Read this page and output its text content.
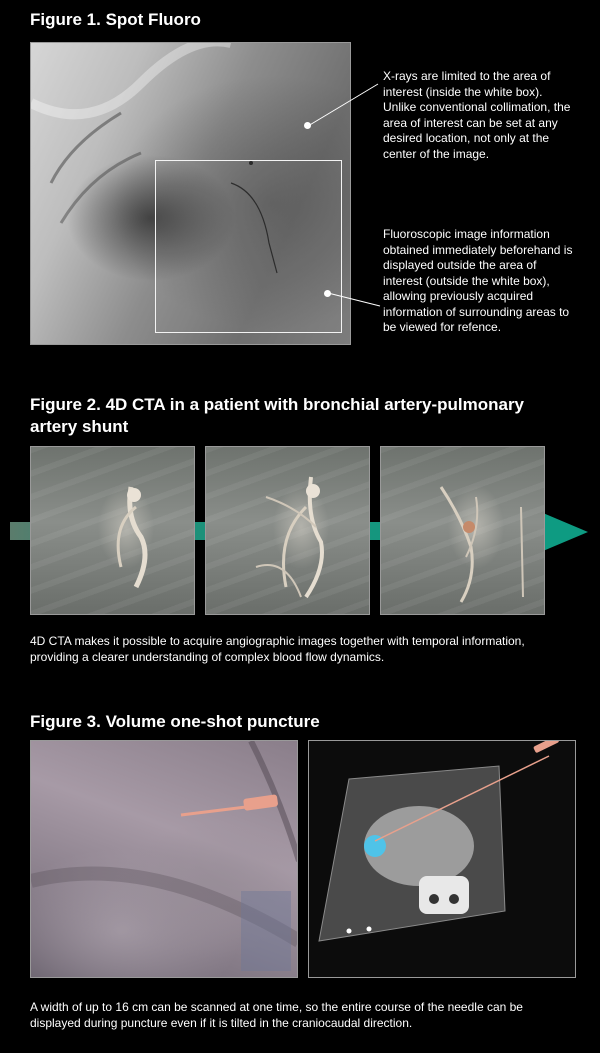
Figure 1. Spot Fluoro
X-rays are limited to the area of interest (inside the white box). Unlike conventional collimation, the area of interest can be set at any desired location, not only at the center of the image.
Fluoroscopic image information obtained immediately beforehand is displayed outside the area of interest (outside the white box), allowing previously acquired information of surrounding areas to be viewed for refence.
Figure 2. 4D CTA in a patient with bronchial artery-pulmonary artery shunt
4D CTA makes it possible to acquire angiographic images together with temporal information, providing a clearer understanding of complex blood flow dynamics.
Figure 3. Volume one-shot puncture
A width of up to 16 cm can be scanned at one time, so the entire course of the needle can be displayed during puncture even if it is tilted in the craniocaudal direction.
